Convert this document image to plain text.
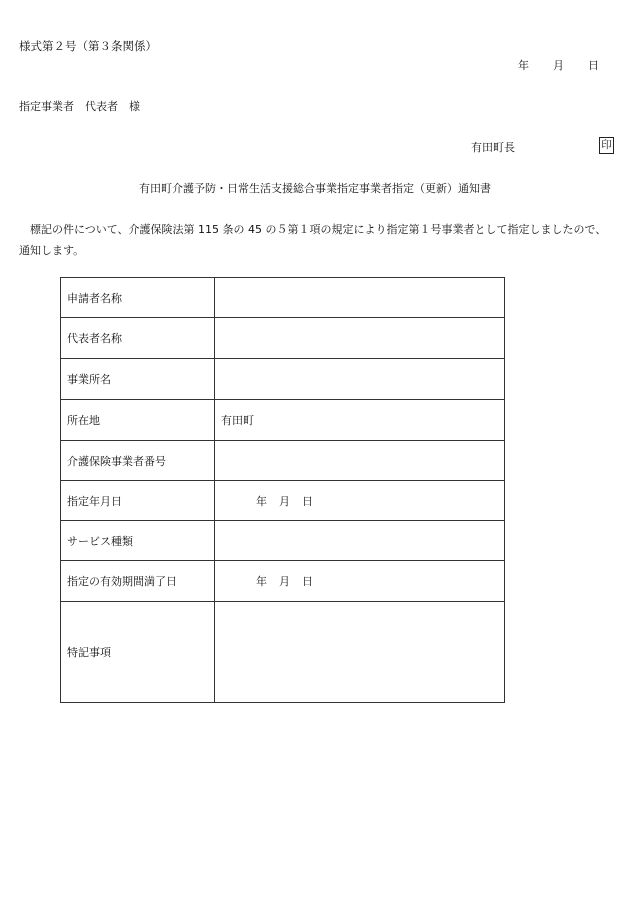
様式第２号（第３条関係）
年 月 日
指定事業者　 代表者　 様
有田町長	印
有田町介護予防・日常生活支援総合事業指定事業者指定（更新）通知書
標記の件について、介護保険法第 115 条の 45 の５第１項の規定により指定第１号事業者として指定しましたので、通知します。
申請者名称	
代表者名称	
事業所名	
所在地	有田町
介護保険事業者番号	
指定年月日	年 月 日
サービス種類	
指定の有効期間満了日	年 月 日
特記事項	
